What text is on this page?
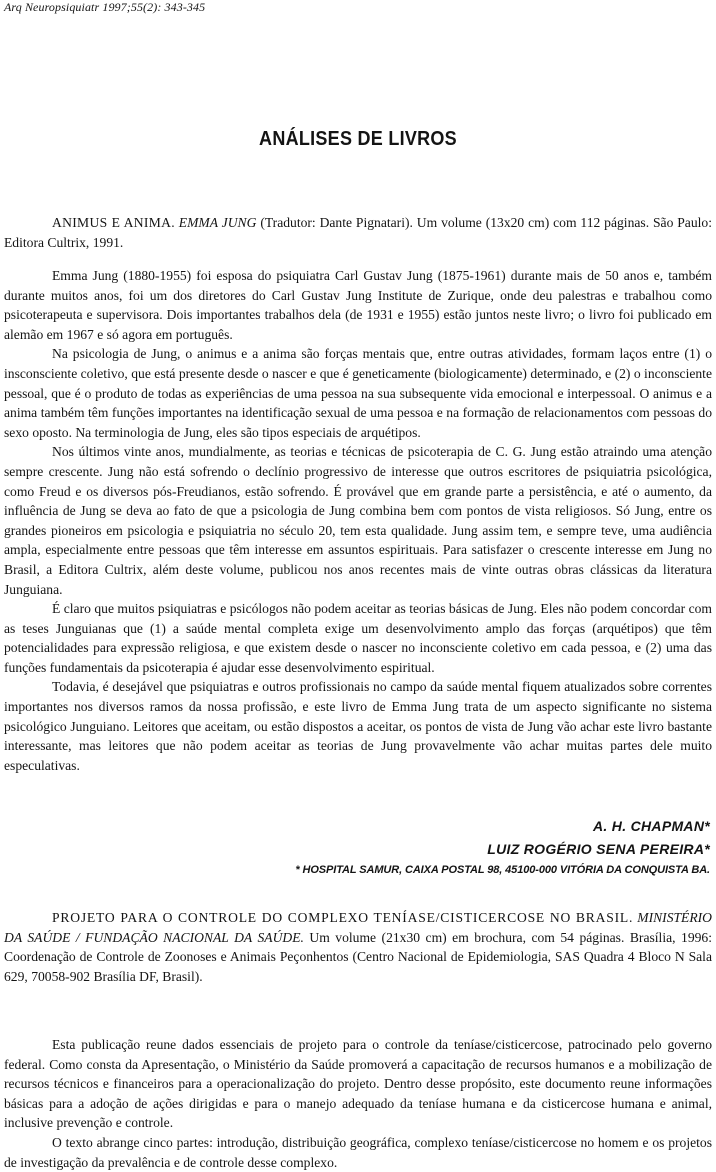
Arq Neuropsiquiatr 1997;55(2): 343-345
ANÁLISES DE LIVROS

ANIMUS E ANIMA. EMMA JUNG (Tradutor: Dante Pignatari). Um volume (13x20 cm) com 112 páginas. São Paulo: Editora Cultrix, 1991.

Emma Jung (1880-1955) foi esposa do psiquiatra Carl Gustav Jung (1875-1961) durante mais de 50 anos e, também durante muitos anos, foi um dos diretores do Carl Gustav Jung Institute de Zurique, onde deu palestras e trabalhou como psicoterapeuta e supervisora. Dois importantes trabalhos dela (de 1931 e 1955) estão juntos neste livro; o livro foi publicado em alemão em 1967 e só agora em português.

Na psicologia de Jung, o animus e a anima são forças mentais que, entre outras atividades, formam laços entre (1) o insconsciente coletivo, que está presente desde o nascer e que é geneticamente (biologicamente) determinado, e (2) o inconsciente pessoal, que é o produto de todas as experiências de uma pessoa na sua subsequente vida emocional e interpessoal. O animus e a anima também têm funções importantes na identificação sexual de uma pessoa e na formação de relacionamentos com pessoas do sexo oposto. Na terminologia de Jung, eles são tipos especiais de arquétipos.

Nos últimos vinte anos, mundialmente, as teorias e técnicas de psicoterapia de C. G. Jung estão atraindo uma atenção sempre crescente. Jung não está sofrendo o declínio progressivo de interesse que outros escritores de psiquiatria psicológica, como Freud e os diversos pós-Freudianos, estão sofrendo. É provável que em grande parte a persistência, e até o aumento, da influência de Jung se deva ao fato de que a psicologia de Jung combina bem com pontos de vista religiosos. Só Jung, entre os grandes pioneiros em psicologia e psiquiatria no século 20, tem esta qualidade. Jung assim tem, e sempre teve, uma audiência ampla, especialmente entre pessoas que têm interesse em assuntos espirituais. Para satisfazer o crescente interesse em Jung no Brasil, a Editora Cultrix, além deste volume, publicou nos anos recentes mais de vinte outras obras clássicas da literatura Junguiana.

É claro que muitos psiquiatras e psicólogos não podem aceitar as teorias básicas de Jung. Eles não podem concordar com as teses Junguianas que (1) a saúde mental completa exige um desenvolvimento amplo das forças (arquétipos) que têm potencialidades para expressão religiosa, e que existem desde o nascer no inconsciente coletivo em cada pessoa, e (2) uma das funções fundamentais da psicoterapia é ajudar esse desenvolvimento espiritual.

Todavia, é desejável que psiquiatras e outros profissionais no campo da saúde mental fiquem atualizados sobre correntes importantes nos diversos ramos da nossa profissão, e este livro de Emma Jung trata de um aspecto significante no sistema psicológico Junguiano. Leitores que aceitam, ou estão dispostos a aceitar, os pontos de vista de Jung vão achar este livro bastante interessante, mas leitores que não podem aceitar as teorias de Jung provavelmente vão achar muitas partes dele muito especulativas.

A. H. CHAPMAN*

LUIZ ROGÉRIO SENA PEREIRA*

* HOSPITAL SAMUR, CAIXA POSTAL 98, 45100-000 VITÓRIA DA CONQUISTA BA.

PROJETO PARA O CONTROLE DO COMPLEXO TENÍASE/CISTICERCOSE NO BRASIL. MINISTÉRIO DA SAÚDE / FUNDAÇÃO NACIONAL DA SAÚDE. Um volume (21x30 cm) em brochura, com 54 páginas. Brasília, 1996: Coordenação de Controle de Zoonoses e Animais Peçonhentos (Centro Nacional de Epidemiologia, SAS Quadra 4 Bloco N Sala 629, 70058-902 Brasília DF, Brasil).

Esta publicação reune dados essenciais de projeto para o controle da teníase/cisticercose, patrocinado pelo governo federal. Como consta da Apresentação, o Ministério da Saúde promoverá a capacitação de recursos humanos e a mobilização de recursos técnicos e financeiros para a operacionalização do projeto. Dentro desse propósito, este documento reune informações básicas para a adoção de ações dirigidas e para o manejo adequado da teníase humana e da cisticercose humana e animal, inclusive prevenção e controle.

O texto abrange cinco partes: introdução, distribuição geográfica, complexo teníase/cisticercose no homem e os projetos de investigação da prevalência e de controle desse complexo.
